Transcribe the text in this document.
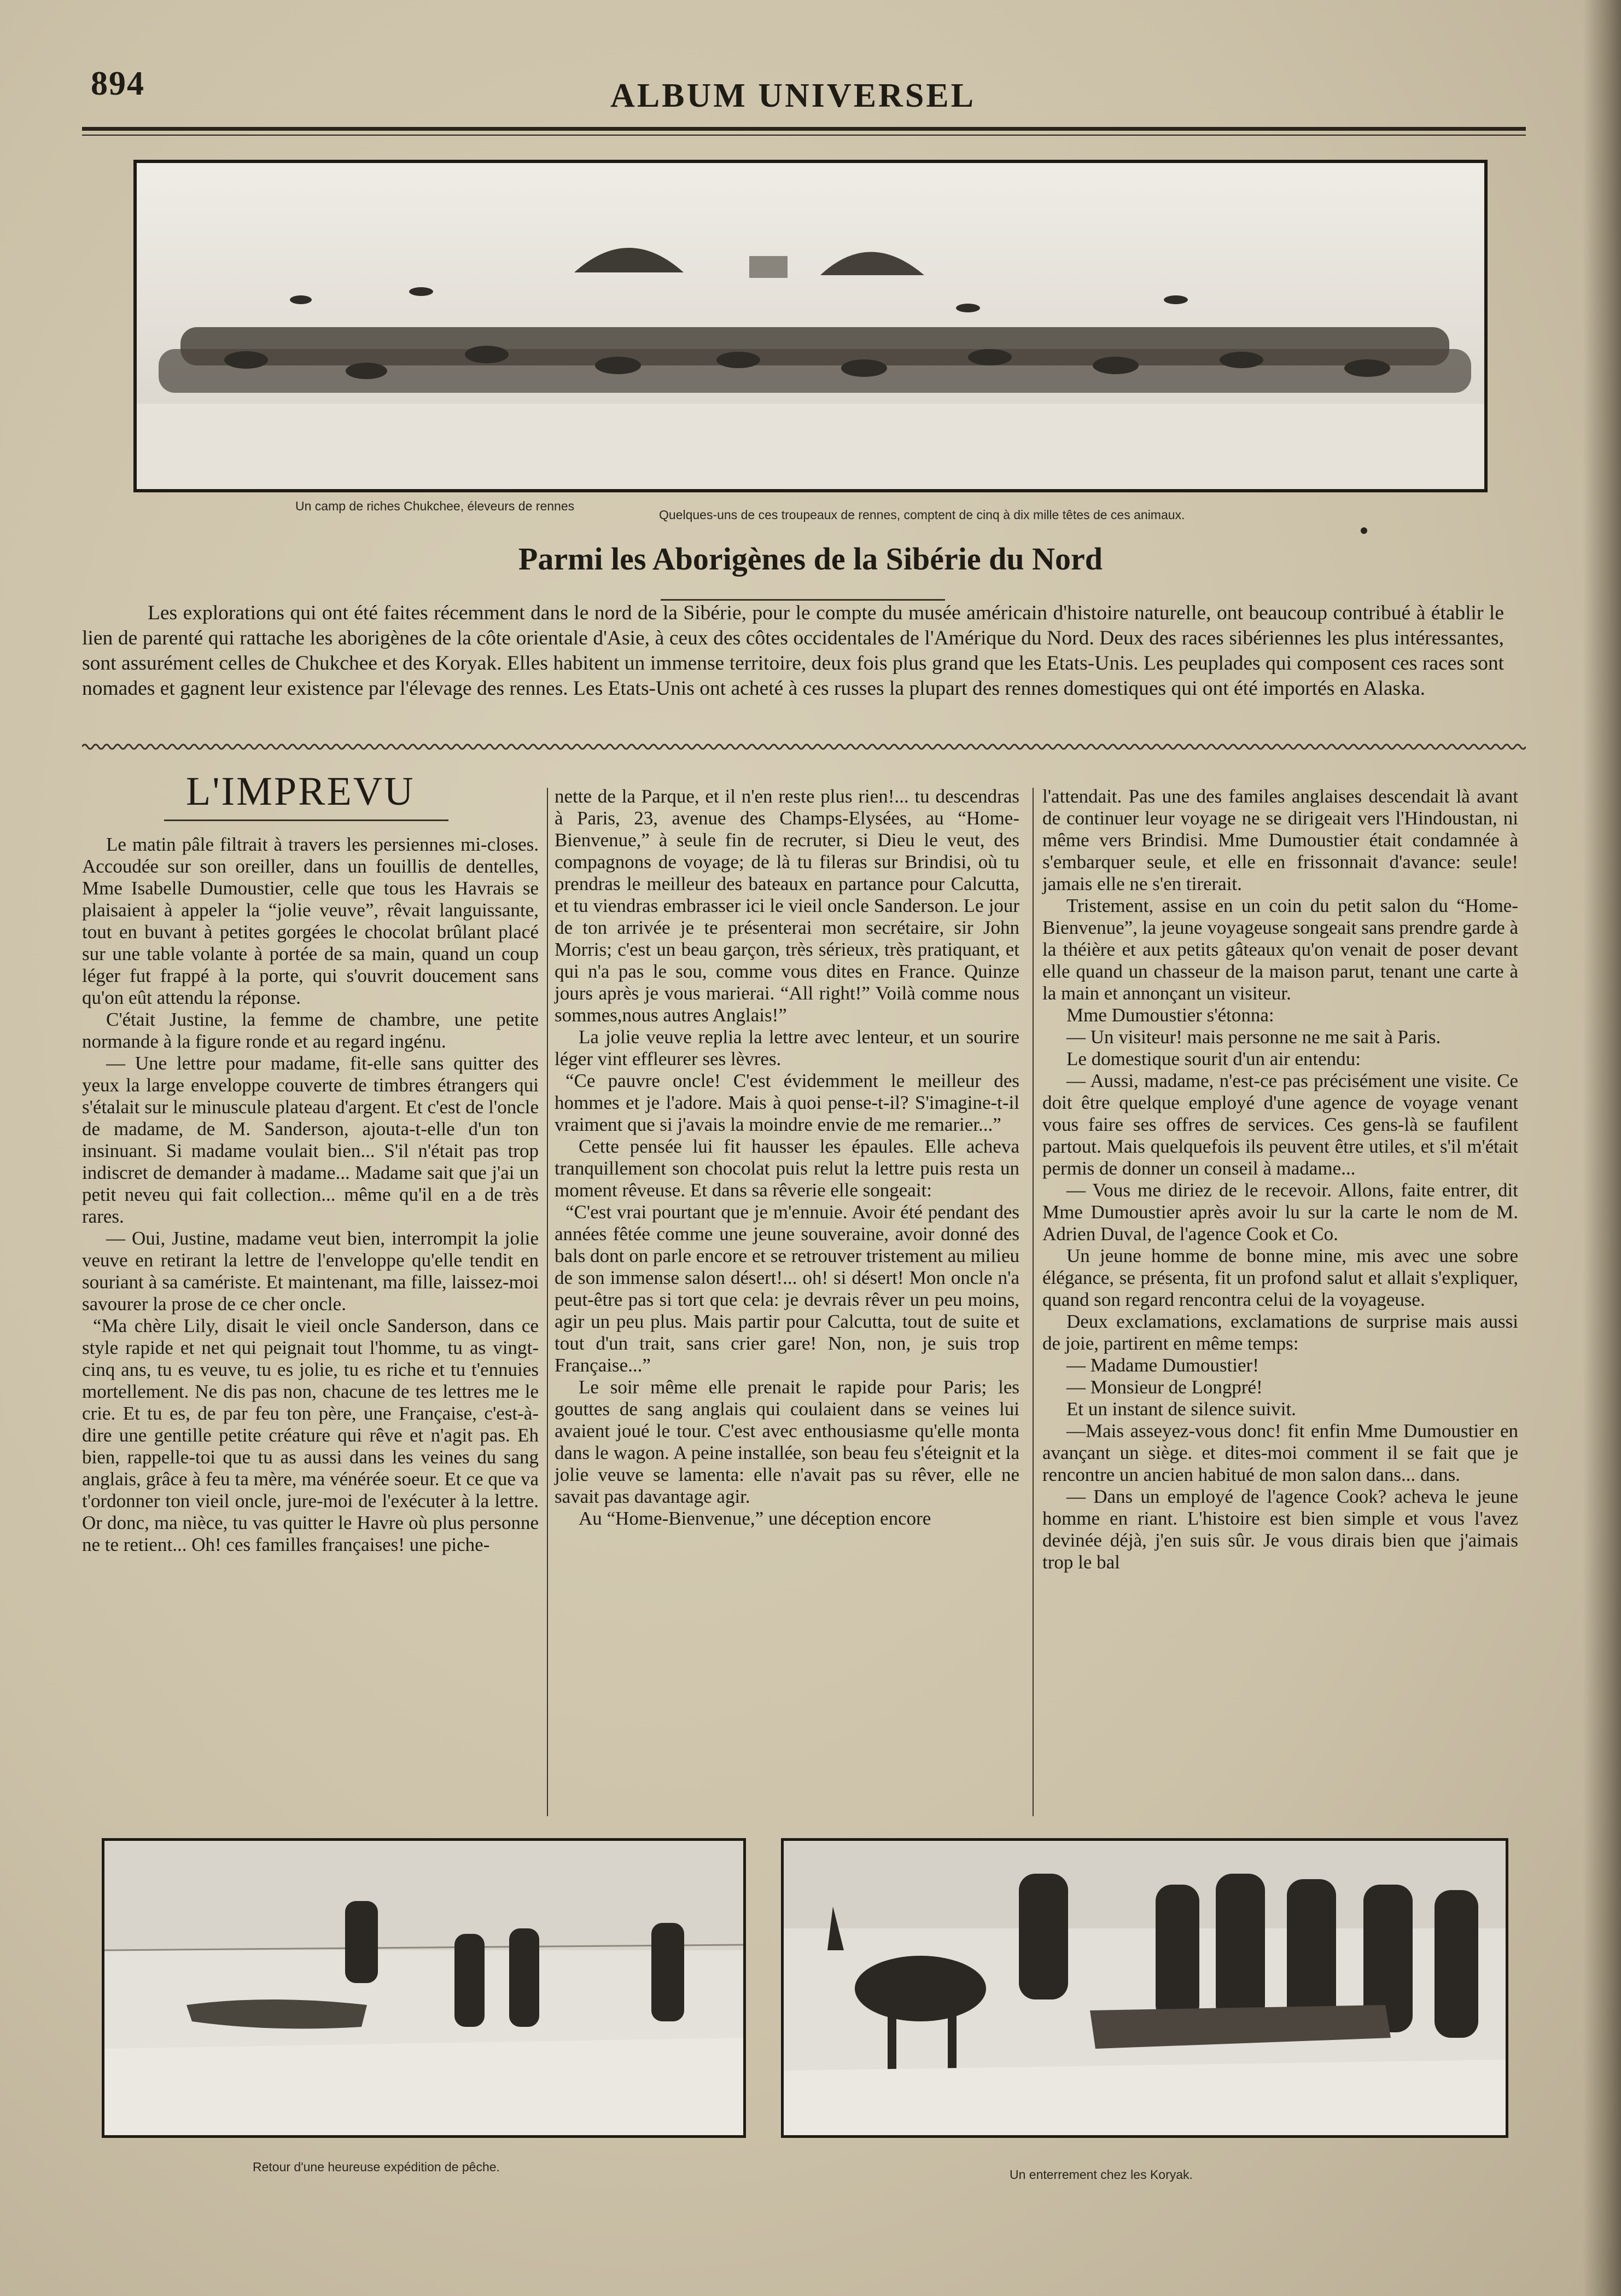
894	ALBUM UNIVERSEL
Un camp de riches Chukchee, éleveurs de rennes
Quelques-uns de ces troupeaux de rennes, comptent de cinq à dix mille têtes de ces animaux.
Parmi les Aborigènes de la Sibérie du Nord
Les explorations qui ont été faites récemment dans le nord de la Sibérie, pour le compte du musée américain d'histoire naturelle, ont beaucoup contribué à établir le lien de parenté qui rattache les aborigènes de la côte orientale d'Asie, à ceux des côtes occidentales de l'Amérique du Nord. Deux des races sibériennes les plus intéressantes, sont assurément celles de Chukchee et des Koryak. Elles habitent un immense territoire, deux fois plus grand que les Etats-Unis. Les peuplades qui composent ces races sont nomades et gagnent leur existence par l'élevage des rennes. Les Etats-Unis ont acheté à ces russes la plupart des rennes domestiques qui ont été importés en Alaska.
L'IMPREVU

Le matin pâle filtrait à travers les persiennes mi-closes. Accoudée sur son oreiller, dans un fouillis de dentelles, Mme Isabelle Dumoustier, celle que tous les Havrais se plaisaient à appeler la “jolie veuve”, rêvait languissante, tout en buvant à petites gorgées le chocolat brûlant placé sur une table volante à portée de sa main, quand un coup léger fut frappé à la porte, qui s'ouvrit doucement sans qu'on eût attendu la réponse.

C'était Justine, la femme de chambre, une petite normande à la figure ronde et au regard ingénu.

— Une lettre pour madame, fit-elle sans quitter des yeux la large enveloppe couverte de timbres étrangers qui s'étalait sur le minuscule plateau d'argent. Et c'est de l'oncle de madame, de M. Sanderson, ajouta-t-elle d'un ton insinuant. Si madame voulait bien... S'il n'était pas trop indiscret de demander à madame... Madame sait que j'ai un petit neveu qui fait collection... même qu'il en a de très rares.

— Oui, Justine, madame veut bien, interrompit la jolie veuve en retirant la lettre de l'enveloppe qu'elle tendit en souriant à sa camériste. Et maintenant, ma fille, laissez-moi savourer la prose de ce cher oncle.

“Ma chère Lily, disait le vieil oncle Sanderson, dans ce style rapide et net qui peignait tout l'homme, tu as vingt-cinq ans, tu es veuve, tu es jolie, tu es riche et tu t'ennuies mortellement. Ne dis pas non, chacune de tes lettres me le crie. Et tu es, de par feu ton père, une Française, c'est-à-dire une gentille petite créature qui rêve et n'agit pas. Eh bien, rappelle-toi que tu as aussi dans les veines du sang anglais, grâce à feu ta mère, ma vénérée soeur. Et ce que va t'ordonner ton vieil oncle, jure-moi de l'exécuter à la lettre. Or donc, ma nièce, tu vas quitter le Havre où plus personne ne te retient... Oh! ces familles françaises! une piche-

nette de la Parque, et il n'en reste plus rien!... tu descendras à Paris, 23, avenue des Champs-Elysées, au “Home-Bienvenue,” à seule fin de recruter, si Dieu le veut, des compagnons de voyage; de là tu fileras sur Brindisi, où tu prendras le meilleur des bateaux en partance pour Calcutta, et tu viendras embrasser ici le vieil oncle Sanderson. Le jour de ton arrivée je te présenterai mon secrétaire, sir John Morris; c'est un beau garçon, très sérieux, très pratiquant, et qui n'a pas le sou, comme vous dites en France. Quinze jours après je vous marierai. “All right!” Voilà comme nous sommes,nous autres Anglais!”

La jolie veuve replia la lettre avec lenteur, et un sourire léger vint effleurer ses lèvres.

“Ce pauvre oncle! C'est évidemment le meilleur des hommes et je l'adore. Mais à quoi pense-t-il? S'imagine-t-il vraiment que si j'avais la moindre envie de me remarier...”

Cette pensée lui fit hausser les épaules. Elle acheva tranquillement son chocolat puis relut la lettre puis resta un moment rêveuse. Et dans sa rêverie elle songeait:

“C'est vrai pourtant que je m'ennuie. Avoir été pendant des années fêtée comme une jeune souveraine, avoir donné des bals dont on parle encore et se retrouver tristement au milieu de son immense salon désert!... oh! si désert! Mon oncle n'a peut-être pas si tort que cela: je devrais rêver un peu moins, agir un peu plus. Mais partir pour Calcutta, tout de suite et tout d'un trait, sans crier gare! Non, non, je suis trop Française...”

Le soir même elle prenait le rapide pour Paris; les gouttes de sang anglais qui coulaient dans se veines lui avaient joué le tour. C'est avec enthousiasme qu'elle monta dans le wagon. A peine installée, son beau feu s'éteignit et la jolie veuve se lamenta: elle n'avait pas su rêver, elle ne savait pas davantage agir.

Au “Home-Bienvenue,” une déception encore

l'attendait. Pas une des familes anglaises descendait là avant de continuer leur voyage ne se dirigeait vers l'Hindoustan, ni même vers Brindisi. Mme Dumoustier était condamnée à s'embarquer seule, et elle en frissonnait d'avance: seule! jamais elle ne s'en tirerait.

Tristement, assise en un coin du petit salon du “Home-Bienvenue”, la jeune voyageuse songeait sans prendre garde à la théière et aux petits gâteaux qu'on venait de poser devant elle quand un chasseur de la maison parut, tenant une carte à la main et annonçant un visiteur.

Mme Dumoustier s'étonna:

— Un visiteur! mais personne ne me sait à Paris.

Le domestique sourit d'un air entendu:

— Aussi, madame, n'est-ce pas précisément une visite. Ce doit être quelque employé d'une agence de voyage venant vous faire ses offres de services. Ces gens-là se faufilent partout. Mais quelquefois ils peuvent être utiles, et s'il m'était permis de donner un conseil à madame...

— Vous me diriez de le recevoir. Allons, faite entrer, dit Mme Dumoustier après avoir lu sur la carte le nom de M. Adrien Duval, de l'agence Cook et Co.

Un jeune homme de bonne mine, mis avec une sobre élégance, se présenta, fit un profond salut et allait s'expliquer, quand son regard rencontra celui de la voyageuse.

Deux exclamations, exclamations de surprise mais aussi de joie, partirent en même temps:

— Madame Dumoustier!

— Monsieur de Longpré!

Et un instant de silence suivit.

—Mais asseyez-vous donc! fit enfin Mme Dumoustier en avançant un siège. et dites-moi comment il se fait que je rencontre un ancien habitué de mon salon dans... dans.

— Dans un employé de l'agence Cook? acheva le jeune homme en riant. L'histoire est bien simple et vous l'avez devinée déjà, j'en suis sûr. Je vous dirais bien que j'aimais trop le bal

Retour d'une heureuse expédition de pêche.
Un enterrement chez les Koryak.
